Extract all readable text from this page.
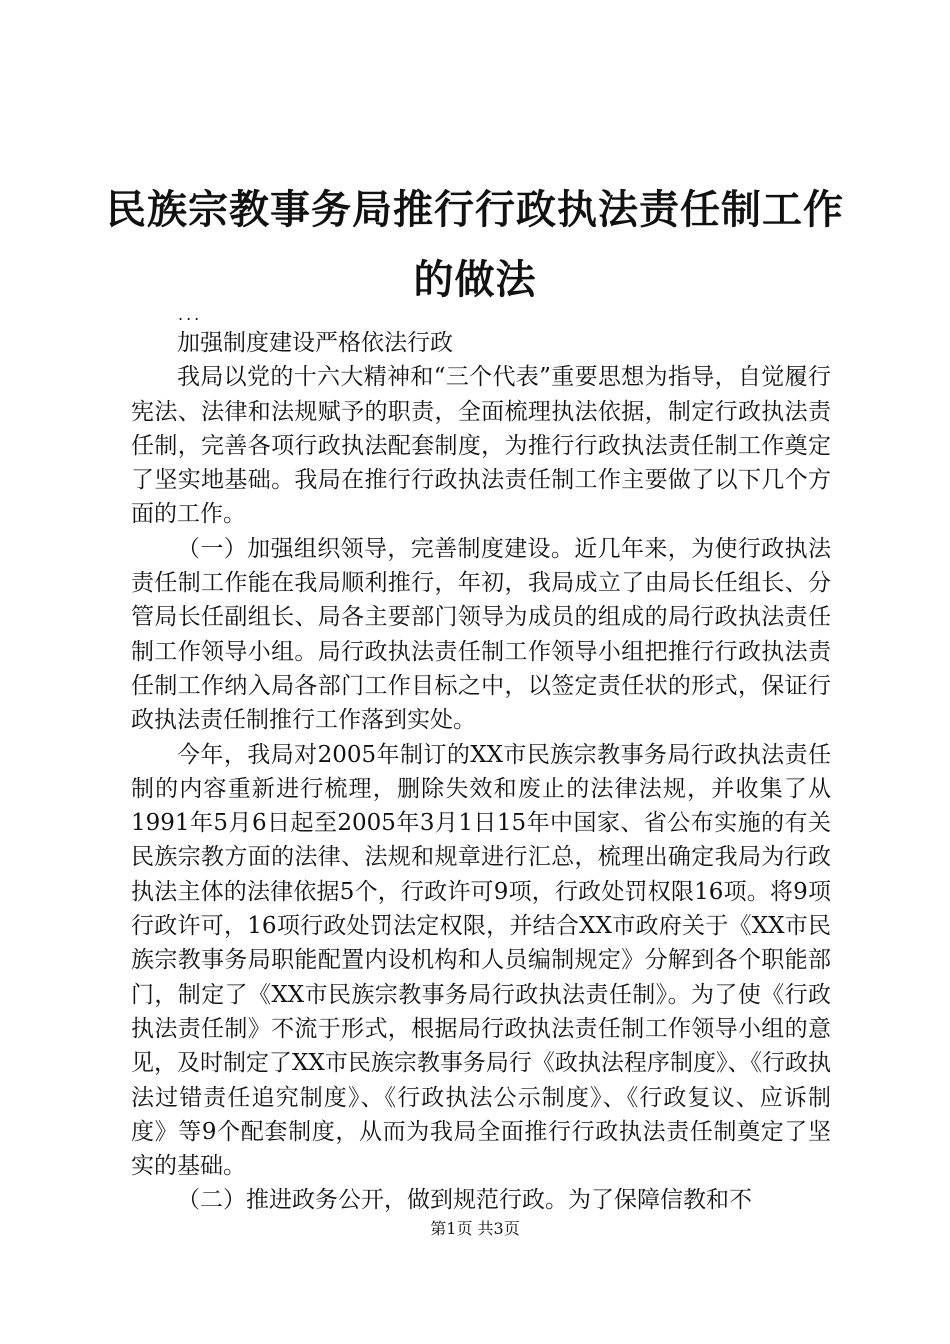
民族宗教事务局推行行政执法责任制工作的做法
...

加强制度建设严格依法行政

我局以党的十六大精神和“三个代表”重要思想为指导，自觉履行宪法、法律和法规赋予的职责，全面梳理执法依据，制定行政执法责任制，完善各项行政执法配套制度，为推行行政执法责任制工作奠定了坚实地基础。我局在推行行政执法责任制工作主要做了以下几个方面的工作。

（一）加强组织领导，完善制度建设。近几年来，为使行政执法责任制工作能在我局顺利推行，年初，我局成立了由局长任组长、分管局长任副组长、局各主要部门领导为成员的组成的局行政执法责任制工作领导小组。局行政执法责任制工作领导小组把推行行政执法责任制工作纳入局各部门工作目标之中，以签定责任状的形式，保证行政执法责任制推行工作落到实处。

今年，我局对2005年制订的XX市民族宗教事务局行政执法责任制的内容重新进行梳理，删除失效和废止的法律法规，并收集了从1991年5月6日起至2005年3月1日15年中国家、省公布实施的有关民族宗教方面的法律、法规和规章进行汇总，梳理出确定我局为行政执法主体的法律依据5个，行政许可9项，行政处罚权限16项。将9项行政许可，16项行政处罚法定权限，并结合XX市政府关于《XX市民族宗教事务局职能配置内设机构和人员编制规定》分解到各个职能部门，制定了《XX市民族宗教事务局行政执法责任制》。为了使《行政执法责任制》不流于形式，根据局行政执法责任制工作领导小组的意见，及时制定了XX市民族宗教事务局行《政执法程序制度》、《行政执法过错责任追究制度》、《行政执法公示制度》、《行政复议、应诉制度》等9个配套制度，从而为我局全面推行行政执法责任制奠定了坚实的基础。

（二）推进政务公开，做到规范行政。为了保障信教和不

第1页 共3页
